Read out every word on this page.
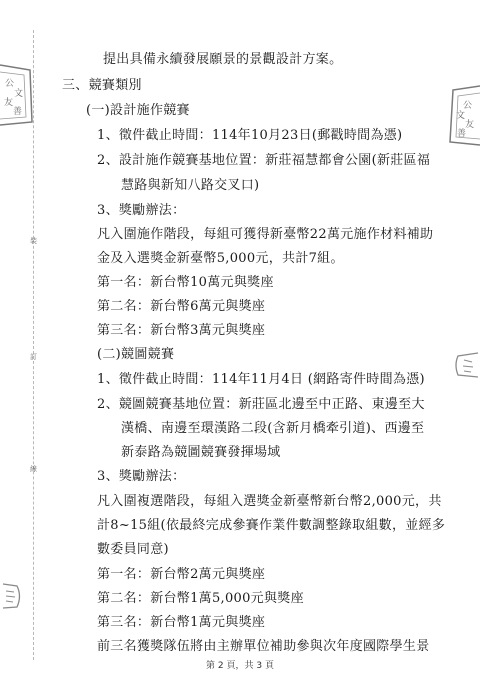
裝
訂
線
公
文
友
善
公
文
友
善
提出具備永續發展願景的景觀設計方案。
三、競賽類別
(一)設計施作競賽
1、徵件截止時間：114年10月23日(郵戳時間為憑)
2、設計施作競賽基地位置：新莊福慧都會公園(新莊區福
慧路與新知八路交叉口)
3、獎勵辦法：
凡入圍施作階段，每組可獲得新臺幣22萬元施作材料補助
金及入選獎金新臺幣5,000元，共計7組。
第一名：新台幣10萬元與獎座
第二名：新台幣6萬元與獎座
第三名：新台幣3萬元與獎座
(二)競圖競賽
1、徵件截止時間：114年11月4日 (網路寄件時間為憑)
2、競圖競賽基地位置：新莊區北邊至中正路、東邊至大
漢橋、南邊至環漢路二段(含新月橋牽引道)、西邊至
新泰路為競圖競賽發揮場域
3、獎勵辦法：
凡入圍複選階段，每組入選獎金新臺幣新台幣2,000元，共
計8~15組(依最終完成參賽作業件數調整錄取組數，並經多
數委員同意)
第一名：新台幣2萬元與獎座
第二名：新台幣1萬5,000元與獎座
第三名：新台幣1萬元與獎座
前三名獲獎隊伍將由主辦單位補助參與次年度國際學生景
第 2 頁，共 3 頁
